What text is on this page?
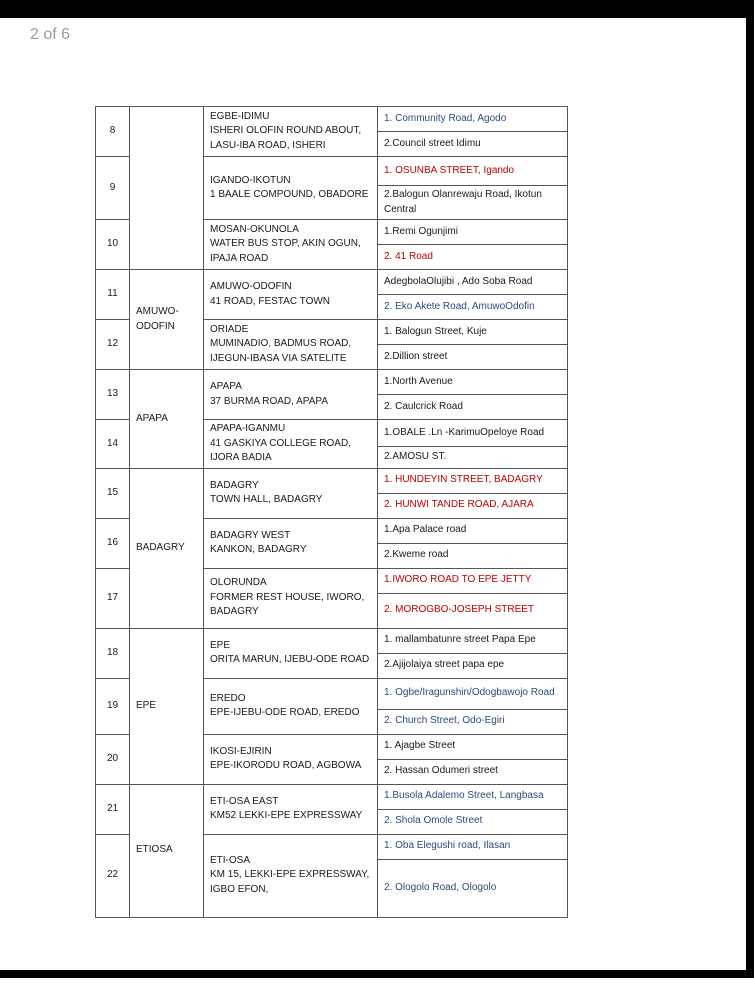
2 of 6
8		EGBE-IDIMU
ISHERI OLOFIN ROUND ABOUT, LASU-IBA ROAD, ISHERI	1. Community Road, Agodo
			2.Council street Idimu
9		IGANDO-IKOTUN
1 BAALE COMPOUND, OBADORE	1. OSUNBA STREET, Igando
			2.Balogun Olanrewaju Road, Ikotun Central
10		MOSAN-OKUNOLA
WATER BUS STOP, AKIN OGUN, IPAJA ROAD	1.Remi Ogunjimi
			2. 41 Road
11	AMUWO-ODOFIN	AMUWO-ODOFIN
41 ROAD, FESTAC TOWN	AdegbolaOlujibi , Ado Soba Road
			2. Eko Akete Road, AmuwoOdofin
12		ORIADE
MUMINADIO, BADMUS ROAD, IJEGUN-IBASA VIA SATELITE	1. Balogun Street, Kuje
			2.Dillion street
13	APAPA	APAPA
37 BURMA ROAD, APAPA	1.North Avenue
			2. Caulcrick Road
14		APAPA-IGANMU
41 GASKIYA COLLEGE ROAD, IJORA BADIA	1.OBALE .Ln -KarimuOpeloye Road
			2.AMOSU ST.
15	BADAGRY	BADAGRY
TOWN HALL, BADAGRY	1. HUNDEYIN STREET, BADAGRY
			2. HUNWI TANDE ROAD, AJARA
16		BADAGRY WEST
KANKON, BADAGRY	1.Apa Palace road
			2.Kweme road
17		OLORUNDA
FORMER REST HOUSE, IWORO, BADAGRY	1.IWORO ROAD TO EPE JETTY
			2. MOROGBO-JOSEPH STREET
18	EPE	EPE
ORITA MARUN, IJEBU-ODE ROAD	1. mallambatunre street Papa Epe
			2.Ajijolaiya street papa epe
19		EREDO
EPE-IJEBU-ODE ROAD, EREDO	1. Ogbe/Iragunshin/Odogbawojo Road
			2. Church Street, Odo-Egiri
20		IKOSI-EJIRIN
EPE-IKORODU ROAD, AGBOWA	1. Ajagbe Street
			2. Hassan Odumeri street
21	ETIOSA	ETI-OSA EAST
KM52 LEKKI-EPE EXPRESSWAY	1.Busola Adalemo Street, Langbasa
			2. Shola Omole Street
22		ETI-OSA
KM 15, LEKKI-EPE EXPRESSWAY, IGBO EFON,	1. Oba Elegushi road, Ilasan
			2. Ologolo Road, Ologolo
